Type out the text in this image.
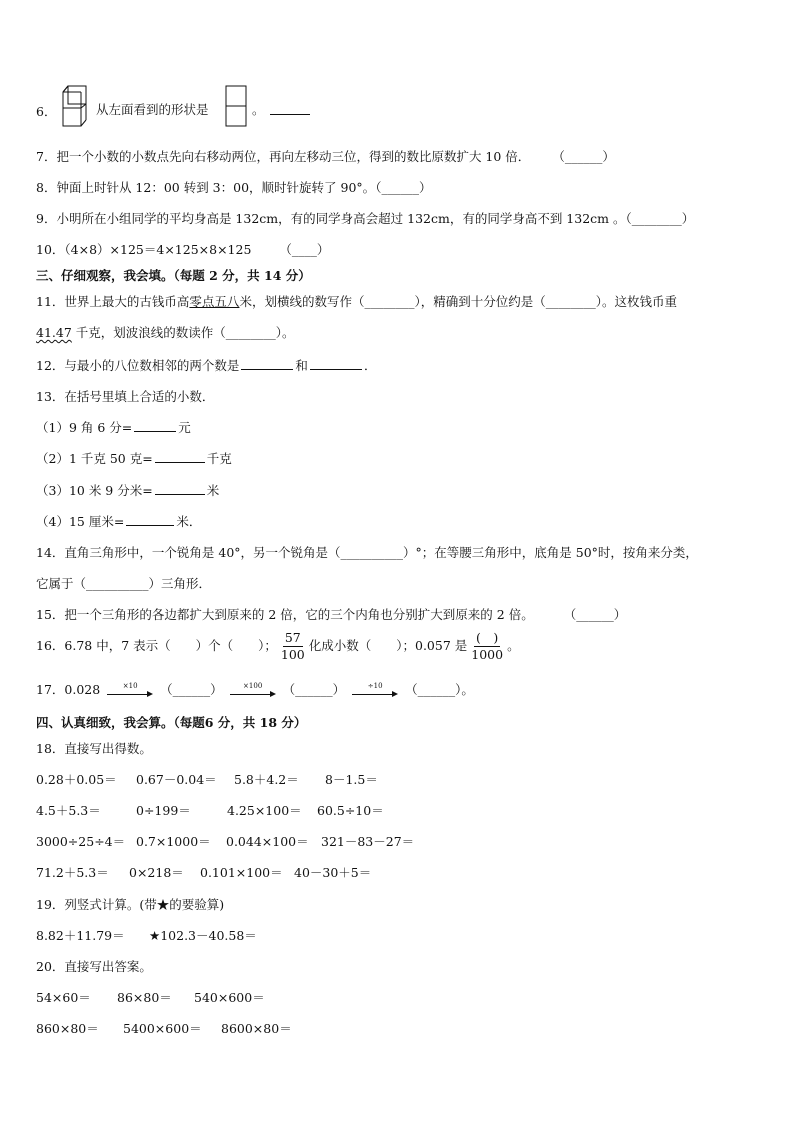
6．	从左面看到的形状是	。
7．把一个小数的小数点先向右移动两位，再向左移动三位，得到的数比原数扩大 10 倍． （______）
8．钟面上时针从 12：00 转到 3：00，顺时针旋转了 90°。（______）
9．小明所在小组同学的平均身高是 132cm，有的同学身高会超过 132cm，有的同学身高不到 132cm 。（________）
10．（4×8）×125＝4×125×8×125 （____）
三、仔细观察，我会填。（每题 2 分，共 14 分）
11．世界上最大的古钱币高零点五八米，划横线的数写作（________），精确到十分位约是（________）。这枚钱币重
41.47 千克，划波浪线的数读作（________）。
12．与最小的八位数相邻的两个数是	和	．
13．在括号里填上合适的小数．
（1）9 角 6 分=	元
（2）1 千克 50 克=	千克
（3）10 米 9 分米=	米
（4）15 厘米=	米．
14．直角三角形中，一个锐角是 40°，另一个锐角是（__________）°；在等腰三角形中，底角是 50°时，按角来分类，
它属于（__________）三角形．
15．把一个三角形的各边都扩大到原来的 2 倍，它的三个内角也分别扩大到原来的 2 倍。 （______）
16．6.78 中，7 表示（　　）个（　　）； $\frac{57}{100}$ 化成小数（　　）；0.057 是 $\frac{( )}{1000}$ 。
17．0.028	×10 （______）	×100 （______）	÷10 （______）。
四、认真细致，我会算。（每题6 分，共 18 分）
18．直接写出得数。
0.28＋0.05＝ 0.67－0.04＝ 5.8＋4.2＝ 8－1.5＝
4.5＋5.3＝	0÷199＝	4.25×100＝ 60.5÷10＝
3000÷25÷4＝ 0.7×1000＝ 0.044×100＝ 321－83－27＝
71.2＋5.3＝ 0×218＝ 0.101×100＝ 40－30＋5＝
19．列竖式计算。(带★的要验算)
8.82＋11.79＝ ★102.3－40.58＝
20．直接写出答案。
54×60＝ 86×80＝ 540×600＝
860×80＝ 5400×600＝ 8600×80＝
